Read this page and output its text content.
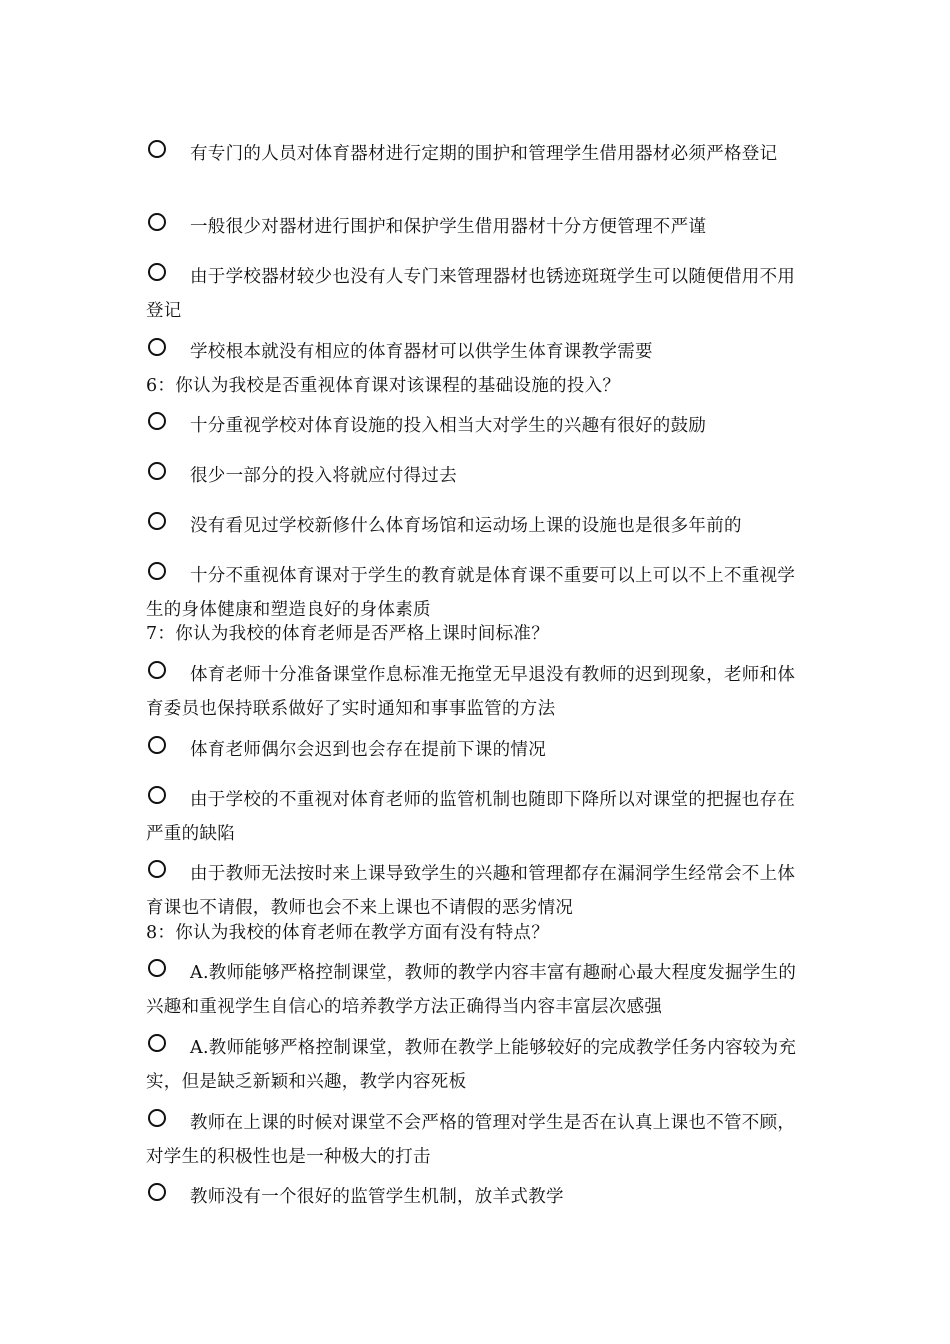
有专门的人员对体育器材进行定期的围护和管理学生借用器材必须严格登记
一般很少对器材进行围护和保护学生借用器材十分方便管理不严谨
由于学校器材较少也没有人专门来管理器材也锈迹斑斑学生可以随便借用不用登记
学校根本就没有相应的体育器材可以供学生体育课教学需要
6：你认为我校是否重视体育课对该课程的基础设施的投入？
十分重视学校对体育设施的投入相当大对学生的兴趣有很好的鼓励
很少一部分的投入将就应付得过去
没有看见过学校新修什么体育场馆和运动场上课的设施也是很多年前的
十分不重视体育课对于学生的教育就是体育课不重要可以上可以不上不重视学生的身体健康和塑造良好的身体素质
7：你认为我校的体育老师是否严格上课时间标准？
体育老师十分准备课堂作息标准无拖堂无早退没有教师的迟到现象，老师和体育委员也保持联系做好了实时通知和事事监管的方法
体育老师偶尔会迟到也会存在提前下课的情况
由于学校的不重视对体育老师的监管机制也随即下降所以对课堂的把握也存在严重的缺陷
由于教师无法按时来上课导致学生的兴趣和管理都存在漏洞学生经常会不上体育课也不请假，教师也会不来上课也不请假的恶劣情况
8：你认为我校的体育老师在教学方面有没有特点？
A.教师能够严格控制课堂，教师的教学内容丰富有趣耐心最大程度发掘学生的兴趣和重视学生自信心的培养教学方法正确得当内容丰富层次感强
A.教师能够严格控制课堂，教师在教学上能够较好的完成教学任务内容较为充实，但是缺乏新颖和兴趣，教学内容死板
教师在上课的时候对课堂不会严格的管理对学生是否在认真上课也不管不顾，对学生的积极性也是一种极大的打击
教师没有一个很好的监管学生机制，放羊式教学
